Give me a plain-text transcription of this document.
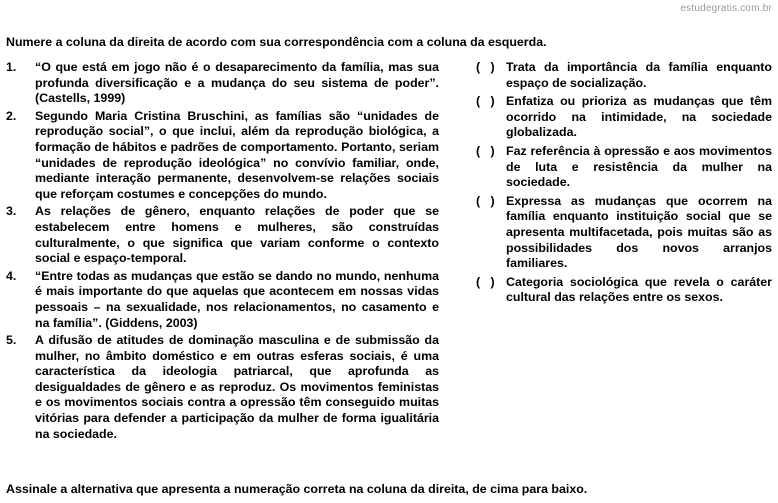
estudegratis.com.br
Numere a coluna da direita de acordo com sua correspondência com a coluna da esquerda.
1.	“O que está em jogo não é o desaparecimento da família, mas sua profunda diversificação e a mudança do seu sistema de poder”. (Castells, 1999)
2.	Segundo Maria Cristina Bruschini, as famílias são “unidades de reprodução social”, o que inclui, além da reprodução biológica, a formação de hábitos e padrões de comportamento. Portanto, seriam “unidades de reprodução ideológica” no convívio familiar, onde, mediante interação permanente, desenvolvem-se relações sociais que reforçam costumes e concepções do mundo.
3.	As relações de gênero, enquanto relações de poder que se estabelecem entre homens e mulheres, são construídas culturalmente, o que significa que variam conforme o contexto social e espaço-temporal.
4.	“Entre todas as mudanças que estão se dando no mundo, nenhuma é mais importante do que aquelas que acontecem em nossas vidas pessoais – na sexualidade, nos relacionamentos, no casamento e na família”. (Giddens, 2003)
5.	A difusão de atitudes de dominação masculina e de submissão da mulher, no âmbito doméstico e em outras esferas sociais, é uma característica da ideologia patriarcal, que aprofunda as desigualdades de gênero e as reproduz. Os movimentos feministas e os movimentos sociais contra a opressão têm conseguido muitas vitórias para defender a participação da mulher de forma igualitária na sociedade.
(   ) Trata da importância da família enquanto espaço de socialização.
(   ) Enfatiza ou prioriza as mudanças que têm ocorrido na intimidade, na sociedade globalizada.
(   ) Faz referência à opressão e aos movimentos de luta e resistência da mulher na sociedade.
(   ) Expressa as mudanças que ocorrem na família enquanto instituição social que se apresenta multifacetada, pois muitas são as possibilidades dos novos arranjos familiares.
(   ) Categoria sociológica que revela o caráter cultural das relações entre os sexos.
Assinale a alternativa que apresenta a numeração correta na coluna da direita, de cima para baixo.
